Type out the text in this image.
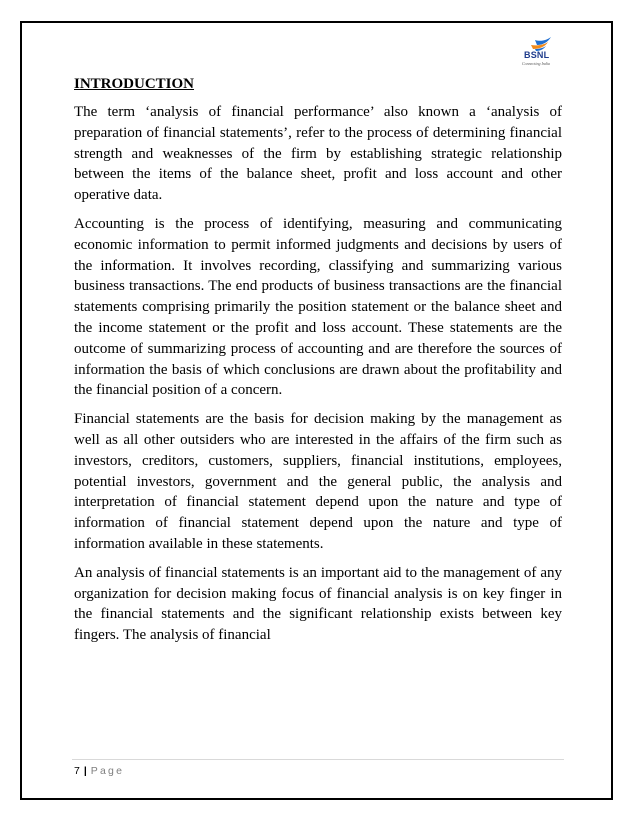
BSNL
Connecting India
INTRODUCTION

The term ‘analysis of financial performance’ also known a ‘analysis of preparation of financial statements’, refer to the process of determining financial strength and weaknesses of the firm by establishing strategic relationship between the items of the balance sheet, profit and loss account and other operative data.

Accounting is the process of identifying, measuring and communicating economic information to permit informed judgments and decisions by users of the information. It involves recording, classifying and summarizing various business transactions. The end products of business transactions are the financial statements comprising primarily the position statement or the balance sheet and the income statement or the profit and loss account. These statements are the outcome of summarizing process of accounting and are therefore the sources of information the basis of which conclusions are drawn about the profitability and the financial position of a concern.

Financial statements are the basis for decision making by the management as well as all other outsiders who are interested in the affairs of the firm such as investors, creditors, customers, suppliers, financial institutions, employees, potential investors, government and the general public, the analysis and interpretation of financial statement depend upon the nature and type of information of financial statement depend upon the nature and type of information available in these statements.

An analysis of financial statements is an important aid to the management of any organization for decision making focus of financial analysis is on key finger in the financial statements and the significant relationship exists between key fingers. The analysis of financial

7 | Page
